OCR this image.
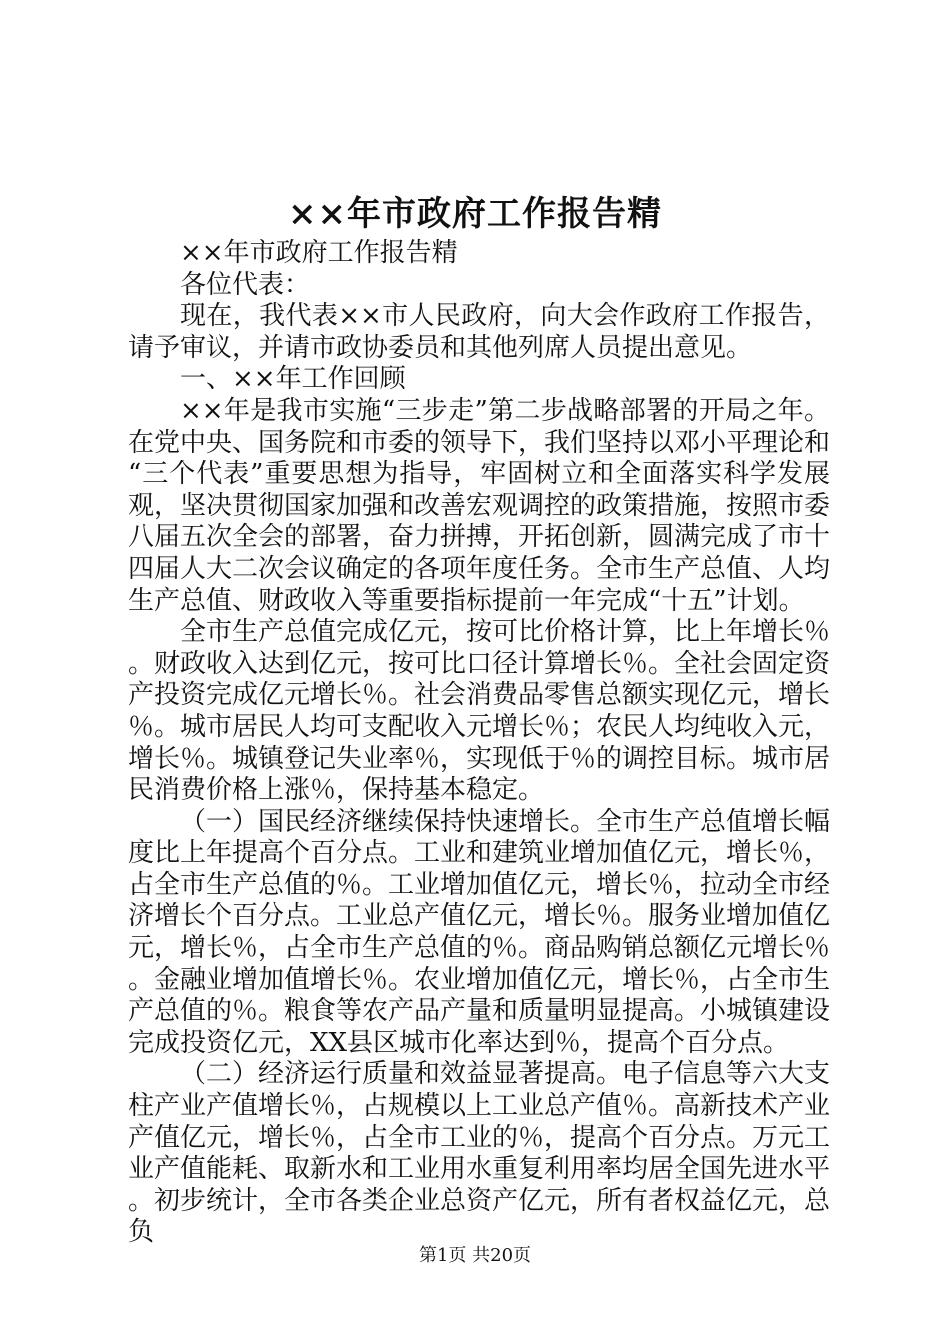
××年市政府工作报告精

××年市政府工作报告精

各位代表：

现在，我代表××市人民政府，向大会作政府工作报告，请予审议，并请市政协委员和其他列席人员提出意见。

一、××年工作回顾

××年是我市实施“三步走”第二步战略部署的开局之年。在党中央、国务院和市委的领导下，我们坚持以邓小平理论和“三个代表”重要思想为指导，牢固树立和全面落实科学发展观，坚决贯彻国家加强和改善宏观调控的政策措施，按照市委八届五次全会的部署，奋力拼搏，开拓创新，圆满完成了市十四届人大二次会议确定的各项年度任务。全市生产总值、人均生产总值、财政收入等重要指标提前一年完成“十五”计划。

全市生产总值完成亿元，按可比价格计算，比上年增长％。财政收入达到亿元，按可比口径计算增长％。全社会固定资产投资完成亿元增长％。社会消费品零售总额实现亿元，增长％。城市居民人均可支配收入元增长％；农民人均纯收入元，增长％。城镇登记失业率％，实现低于％的调控目标。城市居民消费价格上涨％，保持基本稳定。

（一）国民经济继续保持快速增长。全市生产总值增长幅度比上年提高个百分点。工业和建筑业增加值亿元，增长％，占全市生产总值的％。工业增加值亿元，增长％，拉动全市经济增长个百分点。工业总产值亿元，增长％。服务业增加值亿元，增长％，占全市生产总值的％。商品购销总额亿元增长％。金融业增加值增长％。农业增加值亿元，增长％，占全市生产总值的％。粮食等农产品产量和质量明显提高。小城镇建设完成投资亿元，XX县区城市化率达到％，提高个百分点。

（二）经济运行质量和效益显著提高。电子信息等六大支柱产业产值增长％，占规模以上工业总产值％。高新技术产业产值亿元，增长％，占全市工业的％，提高个百分点。万元工业产值能耗、取新水和工业用水重复利用率均居全国先进水平。初步统计，全市各类企业总资产亿元，所有者权益亿元，总负

第1页 共20页
